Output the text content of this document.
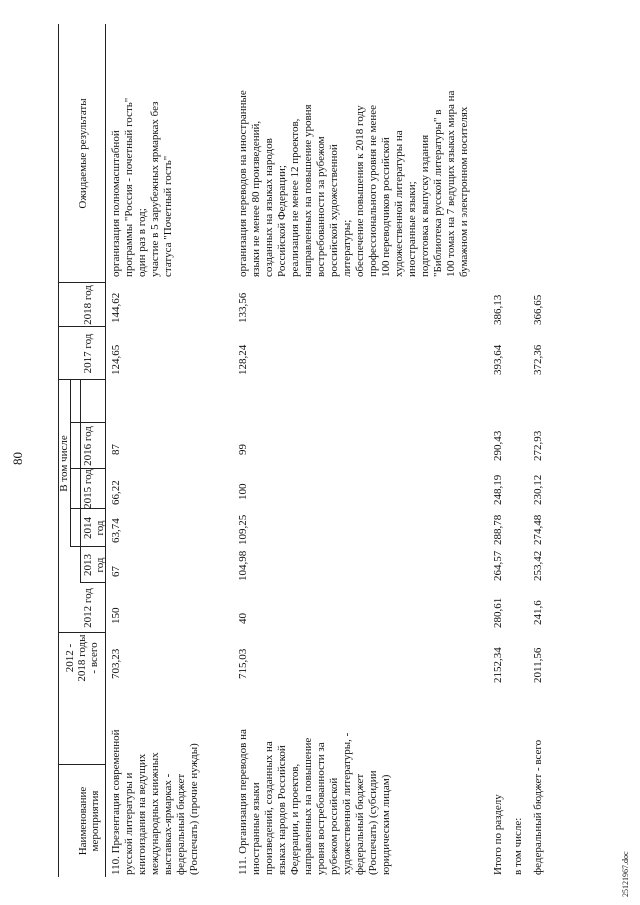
80
Наименование мероприятия
2012 - 2018 годы - всего
В том числе
2012 год
2013 год
2014 год
2015 год
2016 год
2017 год
2018 год
Ожидаемые результаты
110. Презентация современной русской литературы и книгоиздания на ведущих международных книжных выставках-ярмарках - федеральный бюджет (Роспечать) (прочие нужды)
703,23
150
67
63,74
66,22
87
124,65
144,62
организация полномасштабной программы "Россия - почетный гость" один раз в год; участие в 5 зарубежных ярмарках без статуса "Почетный гость"
111. Организация переводов на иностранные языки произведений, созданных на языках народов Российской Федерации, и проектов, направленных на повышение уровня востребованности за рубежом российской художественной литературы, - федеральный бюджет (Роспечать) (субсидии юридическим лицам)
715,03
40
104,98
109,25
100
99
128,24
133,56
организация переводов на иностранные языки не менее 80 произведений, созданных на языках народов Российской Федерации; реализация не менее 12 проектов, направленных на повышение уровня востребованности за рубежом российской художественной литературы; обеспечение повышения к 2018 году профессионального уровня не менее 100 переводчиков российской художественной литературы на иностранные языки; подготовка к выпуску издания "Библиотека русской литературы" в 100 томах на 7 ведущих языках мира на бумажном и электронном носителях
Итого по разделу
2152,34
280,61
264,57
288,78
248,19
290,43
393,64
386,13
в том числе: федеральный бюджет - всего
2011,56
241,6
253,42
274,48
230,12
272,93
372,36
366,65
25121967.doc
